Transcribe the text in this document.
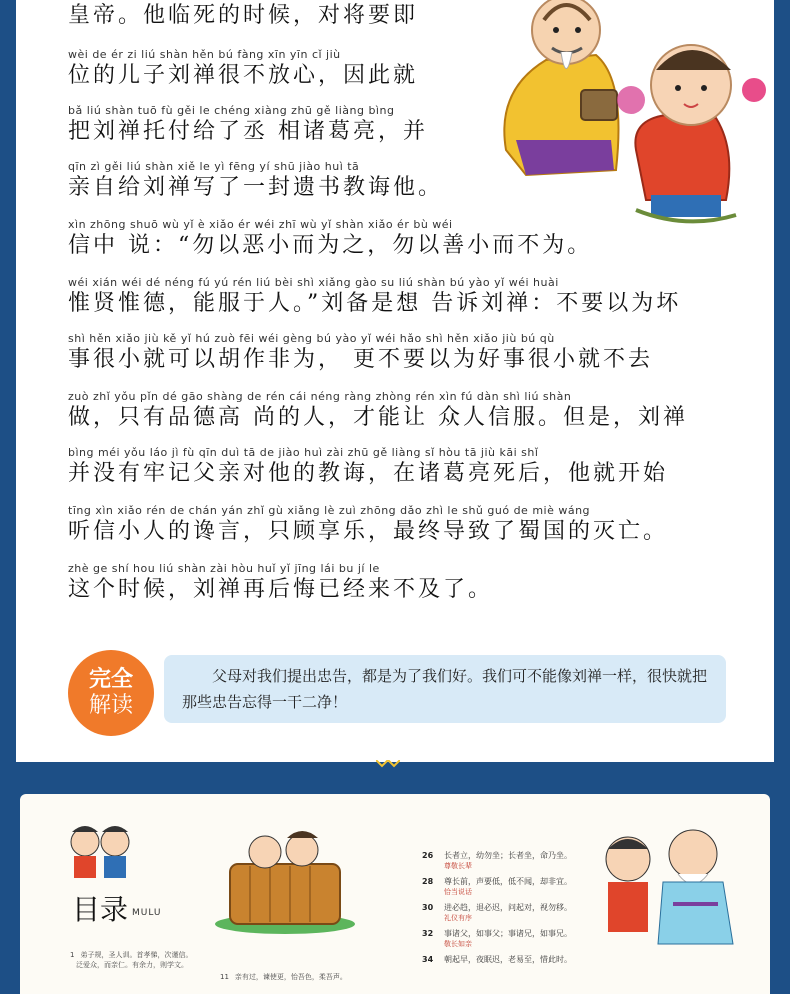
皇帝。他临死的时候，对将要即
wèi de ér zi liú shàn hěn bú fàng xīn yīn cǐ jiù
位的儿子刘禅很不放心，因此就
bǎ liú shàn tuō fù gěi le chéng xiàng zhū gě liàng bìng
把刘禅托付给了丞 相诸葛亮，并
qīn zì gěi liú shàn xiě le yì fēng yí shū jiào huì tā
亲自给刘禅写了一封遗书教诲他。
xìn zhōng shuō wù yǐ è xiǎo ér wéi zhī wù yǐ shàn xiǎo ér bù wéi
信中 说：“勿以恶小而为之，勿以善小而不为。
wéi xián wéi dé néng fú yú rén liú bèi shì xiǎng gào su liú shàn bú yào yǐ wéi huài
惟贤惟德，能服于人。”刘备是想 告诉刘禅：不要以为坏
shì hěn xiǎo jiù kě yǐ hú zuò fēi wéi gèng bú yào yǐ wéi hǎo shì hěn xiǎo jiù bú qù
事很小就可以胡作非为， 更不要以为好事很小就不去
zuò zhǐ yǒu pǐn dé gāo shàng de rén cái néng ràng zhòng rén xìn fú dàn shì liú shàn
做，只有品德高 尚的人，才能让 众人信服。但是，刘禅
bìng méi yǒu láo jì fù qīn duì tā de jiào huì zài zhū gě liàng sǐ hòu tā jiù kāi shǐ
并没有牢记父亲对他的教诲，在诸葛亮死后，他就开始
tīng xìn xiǎo rén de chán yán zhǐ gù xiǎng lè zuì zhōng dǎo zhì le shǔ guó de miè wáng
听信小人的谗言，只顾享乐，最终导致了蜀国的灭亡。
zhè ge shí hou liú shàn zài hòu huǐ yǐ jīng lái bu jí le
这个时候，刘禅再后悔已经来不及了。
完全
解读

父母对我们提出忠告，都是为了我们好。我们可不能像刘禅一样，很快就把那些忠告忘得一干二净！

目录 MULU
1 弟子规，圣人训。首孝悌，次谨信。
泛爱众，而亲仁。有余力，则学文。
11 亲有过，谏使更，怡吾色，柔吾声。
26 长者立，幼勿坐；长者坐，命乃坐。
尊敬长辈
28 尊长前，声要低，低不闻，却非宜。
恰当说话
30 进必趋，退必迟，问起对，视勿移。
礼仪有序
32 事诸父，如事父；事诸兄，如事兄。
敬长如亲
34 朝起早，夜眠迟，老易至，惜此时。
